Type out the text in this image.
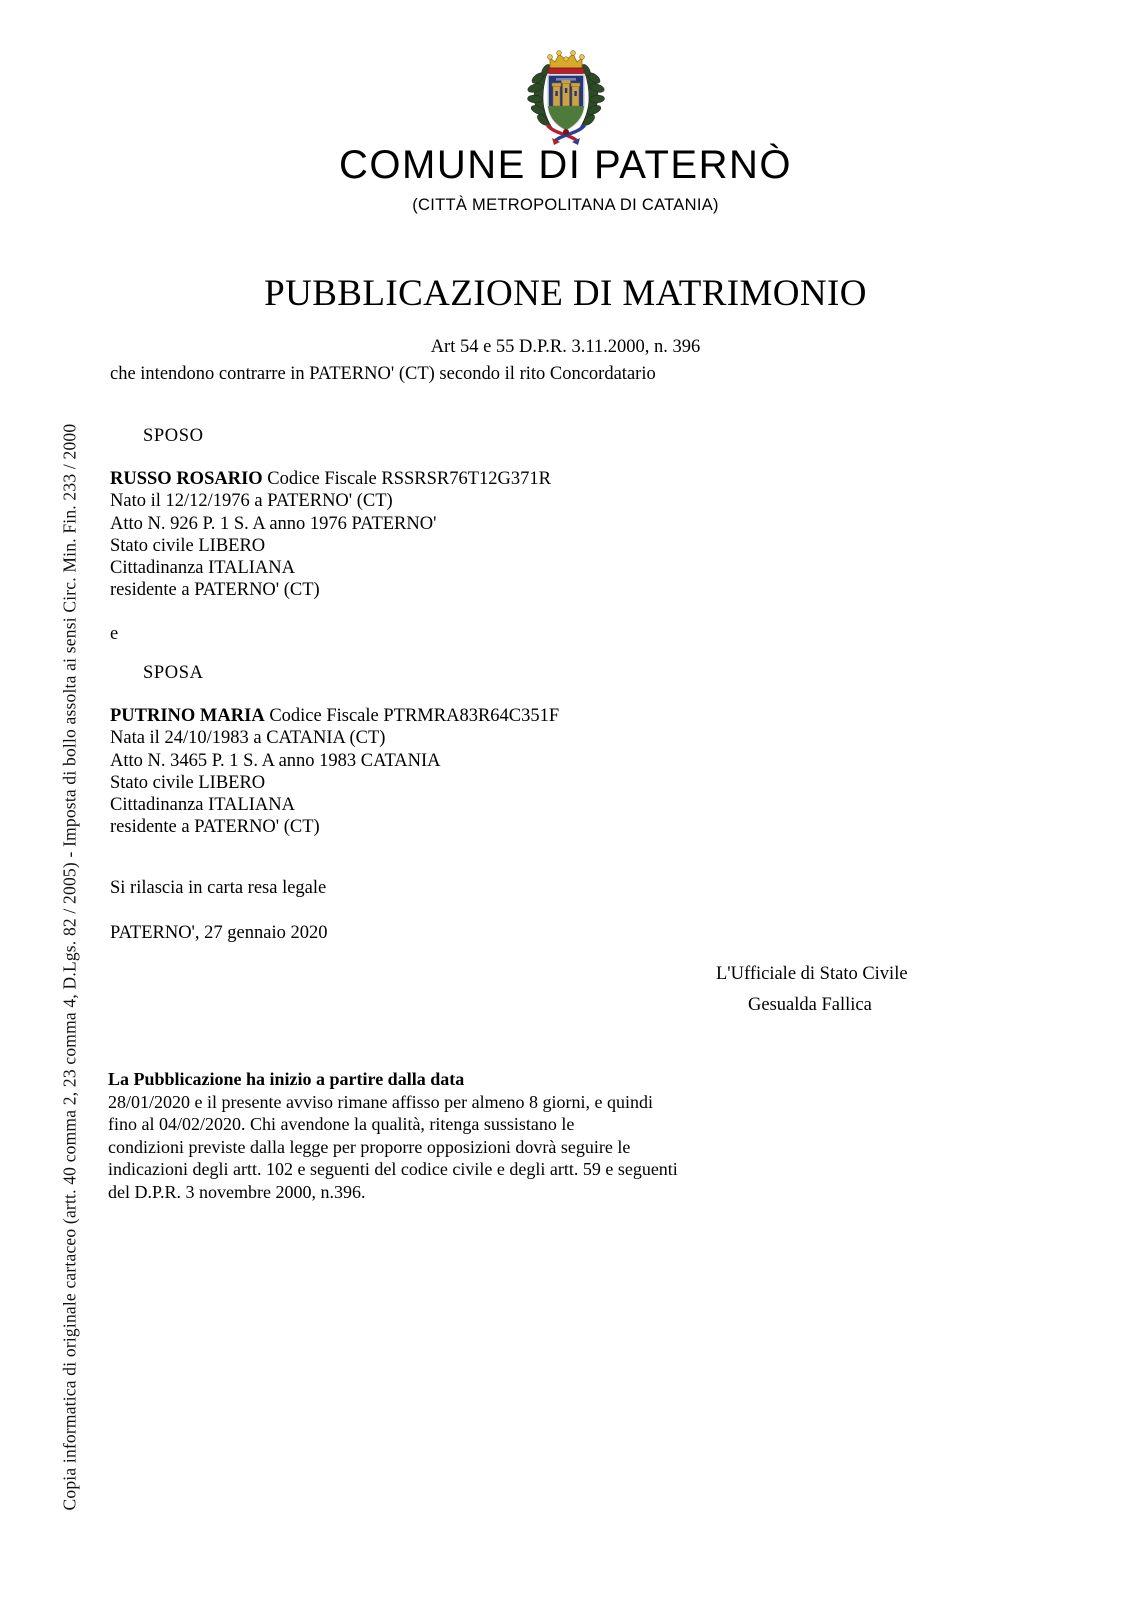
Copia informatica di originale cartaceo (artt. 40 comma 2, 23 comma 4, D.Lgs. 82 / 2005) - Imposta di bollo assolta ai sensi Circ. Min. Fin. 233 / 2000
COMUNE DI PATERNÒ
(CITTÀ METROPOLITANA DI CATANIA)
PUBBLICAZIONE DI MATRIMONIO
Art 54 e 55 D.P.R. 3.11.2000, n. 396
che intendono contrarre in PATERNO' (CT) secondo il rito Concordatario
SPOSO
RUSSO ROSARIO Codice Fiscale RSSRSR76T12G371R
Nato il 12/12/1976 a PATERNO' (CT)
Atto N. 926 P. 1 S. A anno 1976 PATERNO'
Stato civile LIBERO
Cittadinanza ITALIANA
residente a PATERNO' (CT)
e
SPOSA
PUTRINO MARIA Codice Fiscale PTRMRA83R64C351F
Nata il 24/10/1983 a CATANIA (CT)
Atto N. 3465 P. 1 S. A anno 1983 CATANIA
Stato civile LIBERO
Cittadinanza ITALIANA
residente a PATERNO' (CT)
Si rilascia in carta resa legale
PATERNO', 27 gennaio 2020
L'Ufficiale di Stato Civile
Gesualda Fallica
La Pubblicazione ha inizio a partire dalla data
28/01/2020 e il presente avviso rimane affisso per almeno 8 giorni, e quindi
fino al 04/02/2020. Chi avendone la qualità, ritenga sussistano le
condizioni previste dalla legge per proporre opposizioni dovrà seguire le
indicazioni degli artt. 102 e seguenti del codice civile e degli artt. 59 e seguenti
del D.P.R. 3 novembre 2000, n.396.
